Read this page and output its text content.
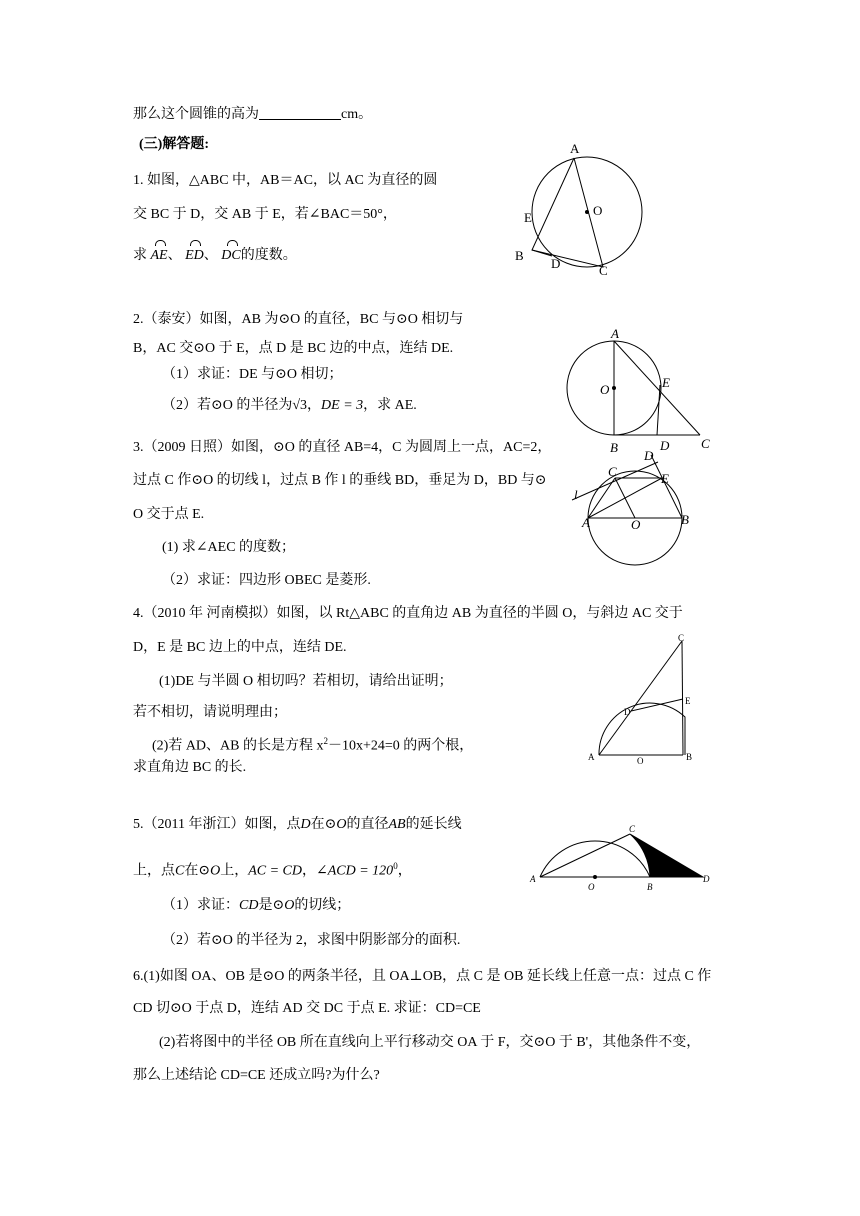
那么这个圆锥的高为	cm。
(三)解答题:
1. 如图，△ABC 中，AB＝AC，以 AC 为直径的圆
交 BC 于 D，交 AB 于 E，若∠BAC＝50°，
求 AE、 ED、 DC的度数。
A
E	O
B
D	C
2.（泰安）如图，AB 为⊙O 的直径，BC 与⊙O 相切与
B，AC 交⊙O 于 E，点 D 是 BC 边的中点，连结 DE.
（1）求证：DE 与⊙O 相切；
（2）若⊙O 的半径为√3，DE = 3，求 AE.
A
O	E
B	D C
3.（2009 日照）如图，⊙O 的直径 AB=4，C 为圆周上一点，AC=2，
过点 C 作⊙O 的切线 l，过点 B 作 l 的垂线 BD，垂足为 D，BD 与⊙
O 交于点 E.
(1) 求∠AEC 的度数；
（2）求证：四边形 OBEC 是菱形.
D
C	E
l
A	O	B
4.（2010 年 河南模拟）如图，以 Rt△ABC 的直角边 AB 为直径的半圆 O，与斜边 AC 交于
D，E 是 BC 边上的中点，连结 DE.
(1)DE 与半圆 O 相切吗？若相切，请给出证明；
若不相切，请说明理由；
(2)若 AD、AB 的长是方程 $x^2-10x+24=0$ 的两个根，
求直角边 BC 的长.
C
E
D
A	O	B
5.（2011 年浙江）如图，点D在⊙O的直径AB的延长线
上，点C在⊙O上，AC = CD，∠ACD = $120^0$，
（1）求证：CD是⊙O的切线；
（2）若⊙O 的半径为 2，求图中阴影部分的面积.
C
A
O	B
D
6.(1)如图 OA、OB 是⊙O 的两条半径，且 OA⊥OB，点 C 是 OB 延长线上任意一点：过点 C 作
CD 切⊙O 于点 D，连结 AD 交 DC 于点 E. 求证：CD=CE
(2)若将图中的半径 OB 所在直线向上平行移动交 OA 于 F，交⊙O 于 B'，其他条件不变，
那么上述结论 CD=CE 还成立吗?为什么?
